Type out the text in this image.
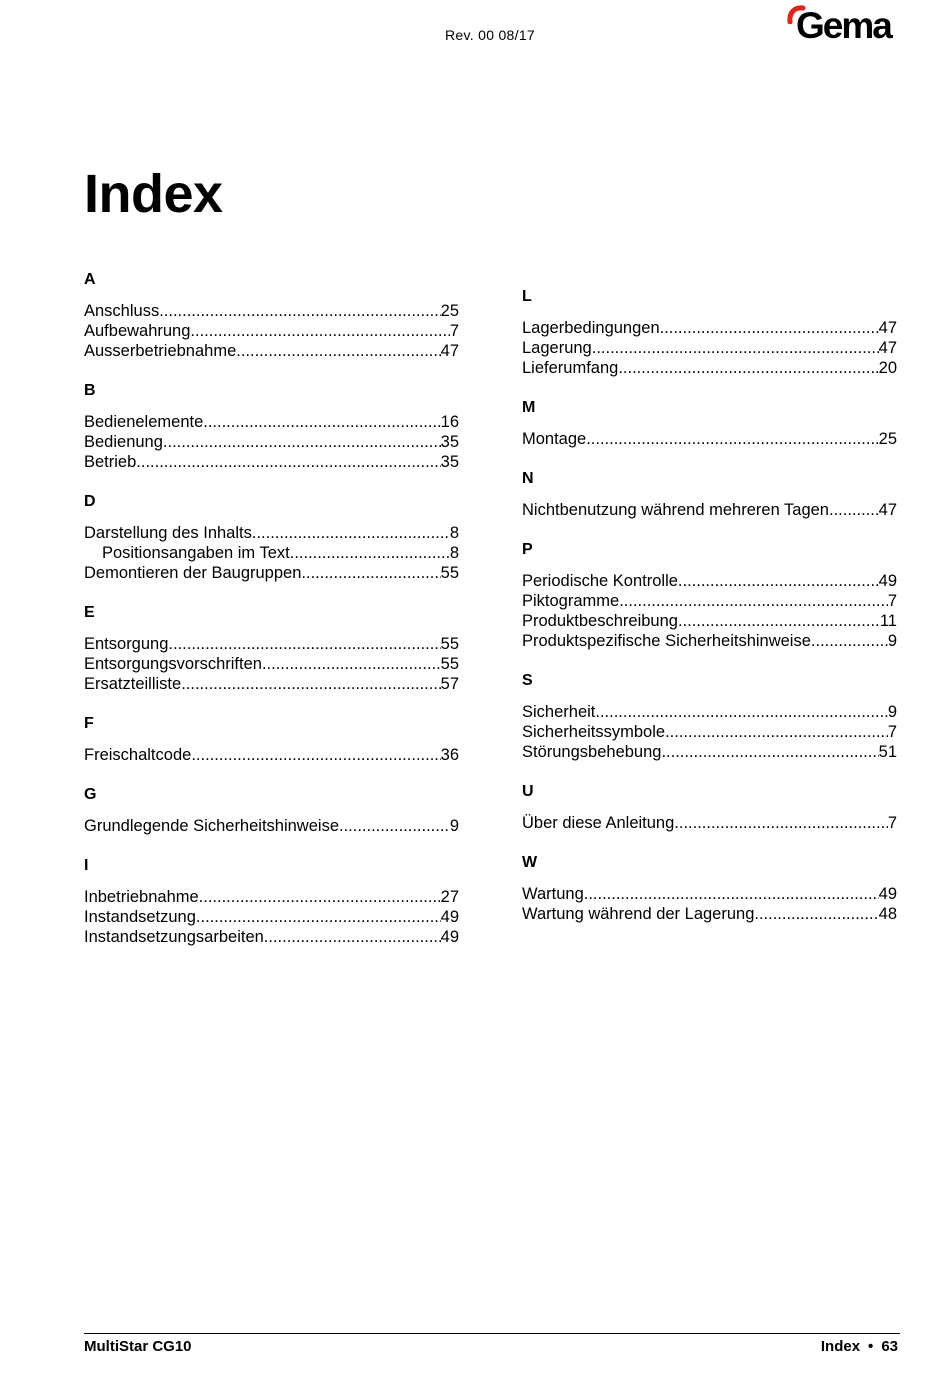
Rev. 00 08/17	Gema
Index
A
Anschluss .....	25
Aufbewahrung .....	7
Ausserbetriebnahme .....	47
B
Bedienelemente .....	16
Bedienung .....	35
Betrieb .....	35
D
Darstellung des Inhalts .....	8
Positionsangaben im Text .....	8
Demontieren der Baugruppen .....	55
E
Entsorgung .....	55
Entsorgungsvorschriften .....	55
Ersatzteilliste .....	57
F
Freischaltcode .....	36
G
Grundlegende Sicherheitshinweise .....	9
I
Inbetriebnahme .....	27
Instandsetzung .....	49
Instandsetzungsarbeiten .....	49
L
Lagerbedingungen .....	47
Lagerung .....	47
Lieferumfang .....	20
M
Montage .....	25
N
Nichtbenutzung während mehreren Tagen .....	47
P
Periodische Kontrolle .....	49
Piktogramme .....	7
Produktbeschreibung .....	11
Produktspezifische Sicherheitshinweise .....	9
S
Sicherheit .....	9
Sicherheitssymbole .....	7
Störungsbehebung .....	51
U
Über diese Anleitung .....	7
W
Wartung .....	49
Wartung während der Lagerung .....	48
MultiStar CG10	Index • 63
